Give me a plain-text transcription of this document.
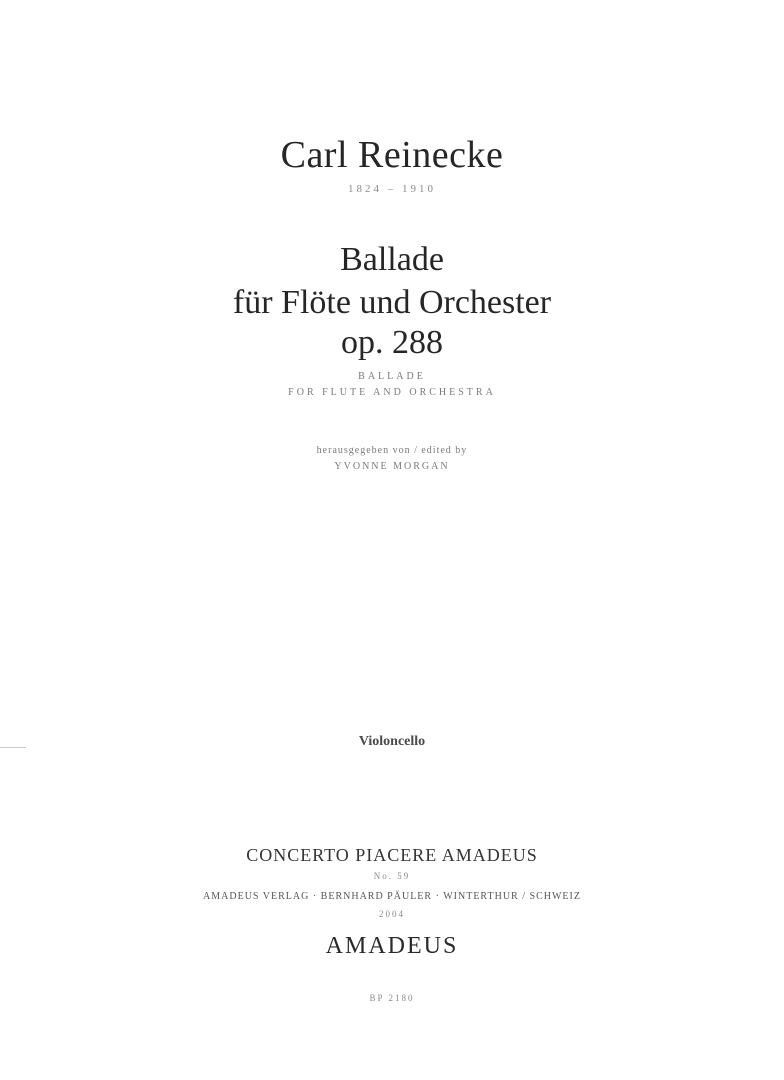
Carl Reinecke
1824 – 1910
Ballade
für Flöte und Orchester
op. 288
BALLADE
FOR FLUTE AND ORCHESTRA
herausgegeben von / edited by
YVONNE MORGAN
Violoncello
CONCERTO PIACERE AMADEUS
No. 59
AMADEUS VERLAG · BERNHARD PÄULER · WINTERTHUR / SCHWEIZ
2004
AMADEUS
BP 2180
